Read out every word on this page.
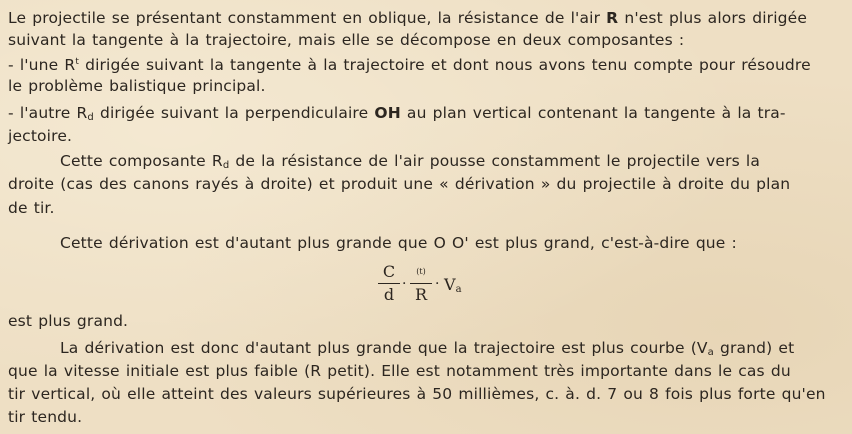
Le projectile se présentant constamment en oblique, la résistance de l'air R n'est plus alors dirigée
suivant la tangente à la trajectoire, mais elle se décompose en deux composantes :
- l'une $R^t$ dirigée suivant la tangente à la trajectoire et dont nous avons tenu compte pour résoudre
le problème balistique principal.
- l'autre $R_d$ dirigée suivant la perpendiculaire OH au plan vertical contenant la tangente à la tra-
jectoire.
Cette composante $R_d$ de la résistance de l'air pousse constamment le projectile vers la
droite (cas des canons rayés à droite) et produit une « dérivation » du projectile à droite du plan
de tir.
Cette dérivation est d'autant plus grande que O O' est plus grand, c'est-à-dire que :
C
d
·
(t)
R
· $V_a$
est plus grand.
La dérivation est donc d'autant plus grande que la trajectoire est plus courbe ($V_a$ grand) et
que la vitesse initiale est plus faible (R petit). Elle est notamment très importante dans le cas du
tir vertical, où elle atteint des valeurs supérieures à 50 millièmes, c. à. d. 7 ou 8 fois plus forte qu'en
tir tendu.
